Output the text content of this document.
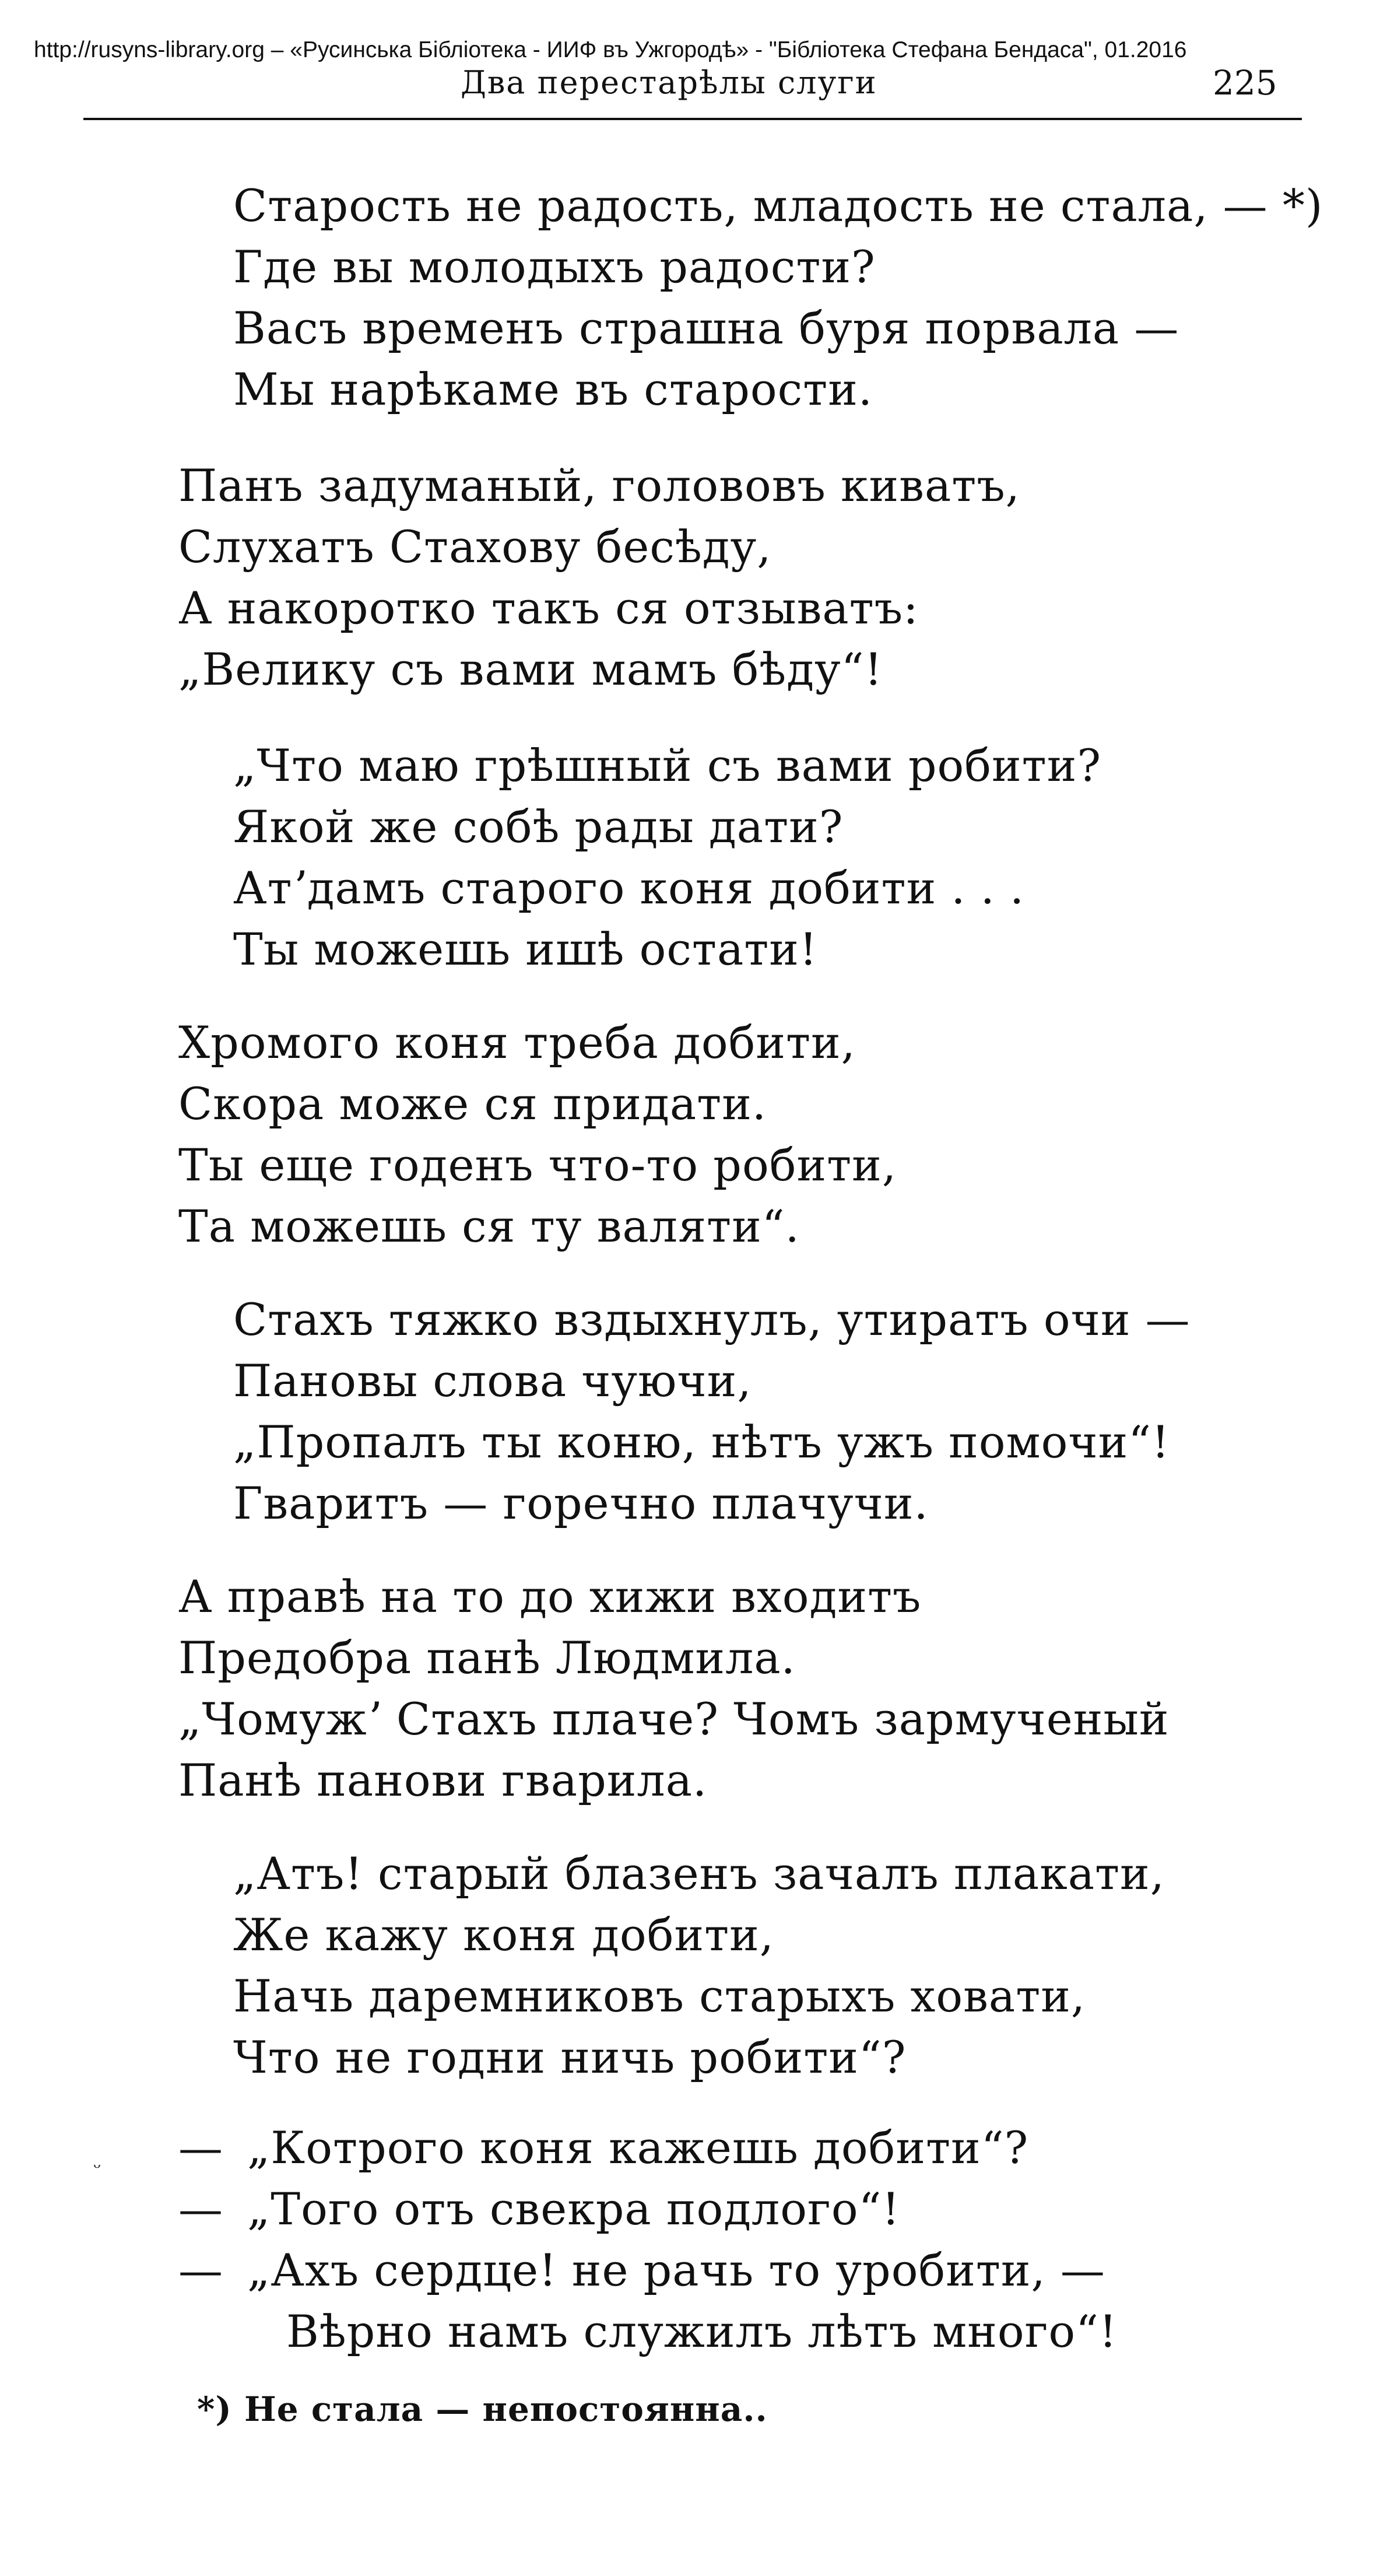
http://rusyns-library.org – «Русинська Бібліотека - ИИФ въ Ужгородѣ» - "Бібліотека Стефана Бендаса", 01.2016
Два перестарѣлы слуги	225
Старость не радость, младость не стала, — *)
Где вы молодыхъ радости?
Васъ временъ страшна буря порвала —
Мы нарѣкаме въ старости.
Панъ задуманый, голововъ киватъ,
Слухатъ Стахову бесѣду,
А накоротко такъ ся отзыватъ:
„Велику съ вами мамъ бѣду“!
„Что маю грѣшный съ вами робити?
Якой же собѣ рады дати?
Атʼдамъ старого коня добити . . .
Ты можешь ишѣ остати!
Хромого коня треба добити,
Скора може ся придати.
Ты еще годенъ что-то робити,
Та можешь ся ту валяти“.
Стахъ тяжко вздыхнулъ, утиратъ очи —
Пановы слова чуючи,
„Пропалъ ты коню, нѣтъ ужъ помочи“!
Гваритъ — горечно плачучи.
А правѣ на то до хижи входитъ
Предобра панѣ Людмила.
„Чомужʼ Стахъ плаче? Чомъ зармученый
Панѣ панови гварила.
„Атъ! старый блазенъ зачалъ плакати,
Же кажу коня добити,
Начь даремниковъ старыхъ ховати,
Что не годни ничь робити“?
ᵕ — „Котрого коня кажешь добити“?
— „Того отъ свекра подлого“!
— „Ахъ сердце! не рачь то уробити, —
Вѣрно намъ служилъ лѣтъ много“!
*) Не стала — непостоянна..
